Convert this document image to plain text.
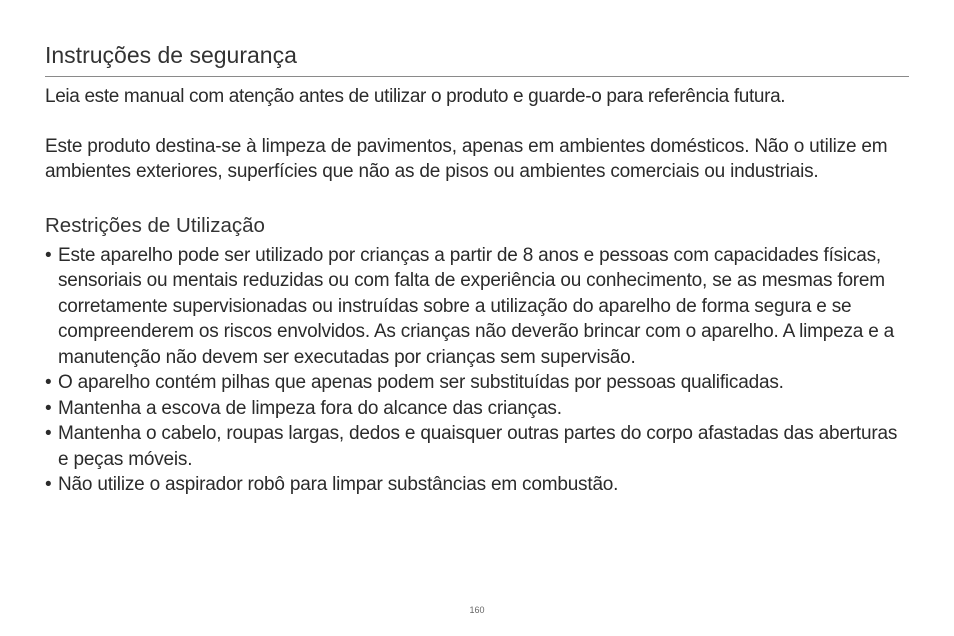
Instruções de segurança

Leia este manual com atenção antes de utilizar o produto e guarde-o para referência futura.

Este produto destina-se à limpeza de pavimentos, apenas em ambientes domésticos. Não o utilize em ambientes exteriores, superfícies que não as de pisos ou ambientes comerciais ou industriais.

Restrições de Utilização
• Este aparelho pode ser utilizado por crianças a partir de 8 anos e pessoas com capacidades físicas, sensoriais ou mentais reduzidas ou com falta de experiência ou conhecimento, se as mesmas forem corretamente supervisionadas ou instruídas sobre a utilização do aparelho de forma segura e se compreenderem os riscos envolvidos. As crianças não deverão brincar com o aparelho. A limpeza e a manutenção não devem ser executadas por crianças sem supervisão.
• O aparelho contém pilhas que apenas podem ser substituídas por pessoas qualificadas.
• Mantenha a escova de limpeza fora do alcance das crianças.
• Mantenha o cabelo, roupas largas, dedos e quaisquer outras partes do corpo afastadas das aberturas e peças móveis.
• Não utilize o aspirador robô para limpar substâncias em combustão.
160
